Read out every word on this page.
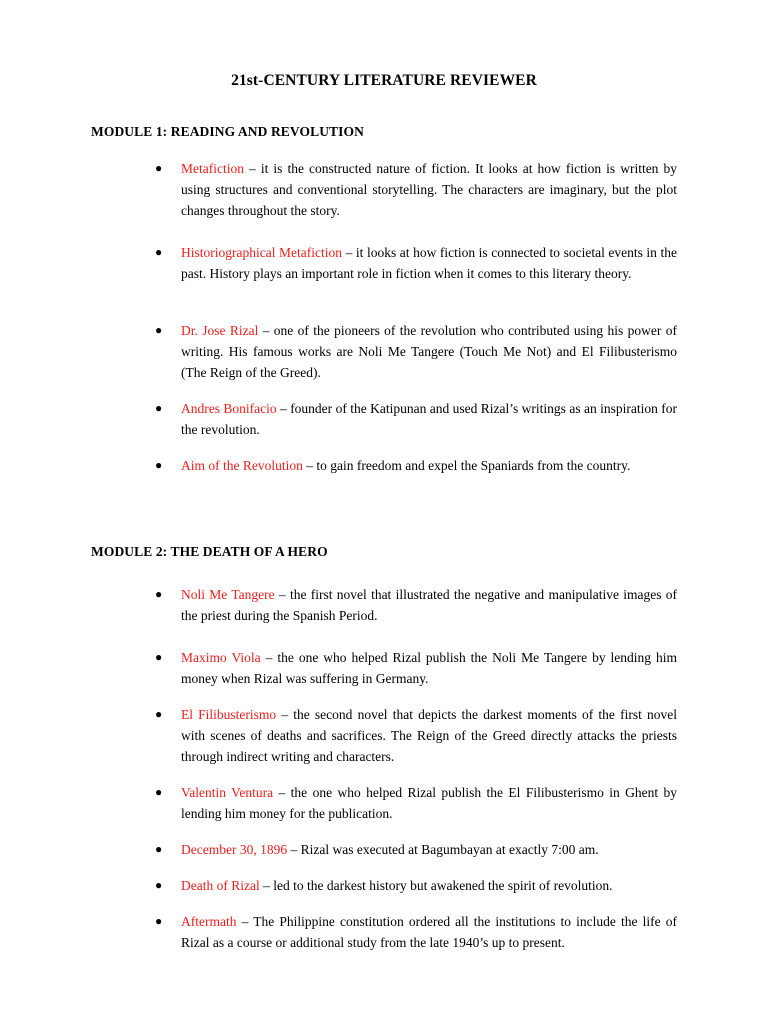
21st-CENTURY LITERATURE REVIEWER
MODULE 1: READING AND REVOLUTION
●	Metafiction – it is the constructed nature of fiction. It looks at how fiction is written by using structures and conventional storytelling. The characters are imaginary, but the plot changes throughout the story.
●	Historiographical Metafiction – it looks at how fiction is connected to societal events in the past. History plays an important role in fiction when it comes to this literary theory.
●	Dr. Jose Rizal – one of the pioneers of the revolution who contributed using his power of writing. His famous works are Noli Me Tangere (Touch Me Not) and El Filibusterismo (The Reign of the Greed).
●	Andres Bonifacio – founder of the Katipunan and used Rizal’s writings as an inspiration for the revolution.
●	Aim of the Revolution – to gain freedom and expel the Spaniards from the country.
MODULE 2: THE DEATH OF A HERO
●	Noli Me Tangere – the first novel that illustrated the negative and manipulative images of the priest during the Spanish Period.
●	Maximo Viola – the one who helped Rizal publish the Noli Me Tangere by lending him money when Rizal was suffering in Germany.
●	El Filibusterismo – the second novel that depicts the darkest moments of the first novel with scenes of deaths and sacrifices. The Reign of the Greed directly attacks the priests through indirect writing and characters.
●	Valentin Ventura – the one who helped Rizal publish the El Filibusterismo in Ghent by lending him money for the publication.
●	December 30, 1896 – Rizal was executed at Bagumbayan at exactly 7:00 am.
●	Death of Rizal – led to the darkest history but awakened the spirit of revolution.
●	Aftermath – The Philippine constitution ordered all the institutions to include the life of Rizal as a course or additional study from the late 1940’s up to present.
